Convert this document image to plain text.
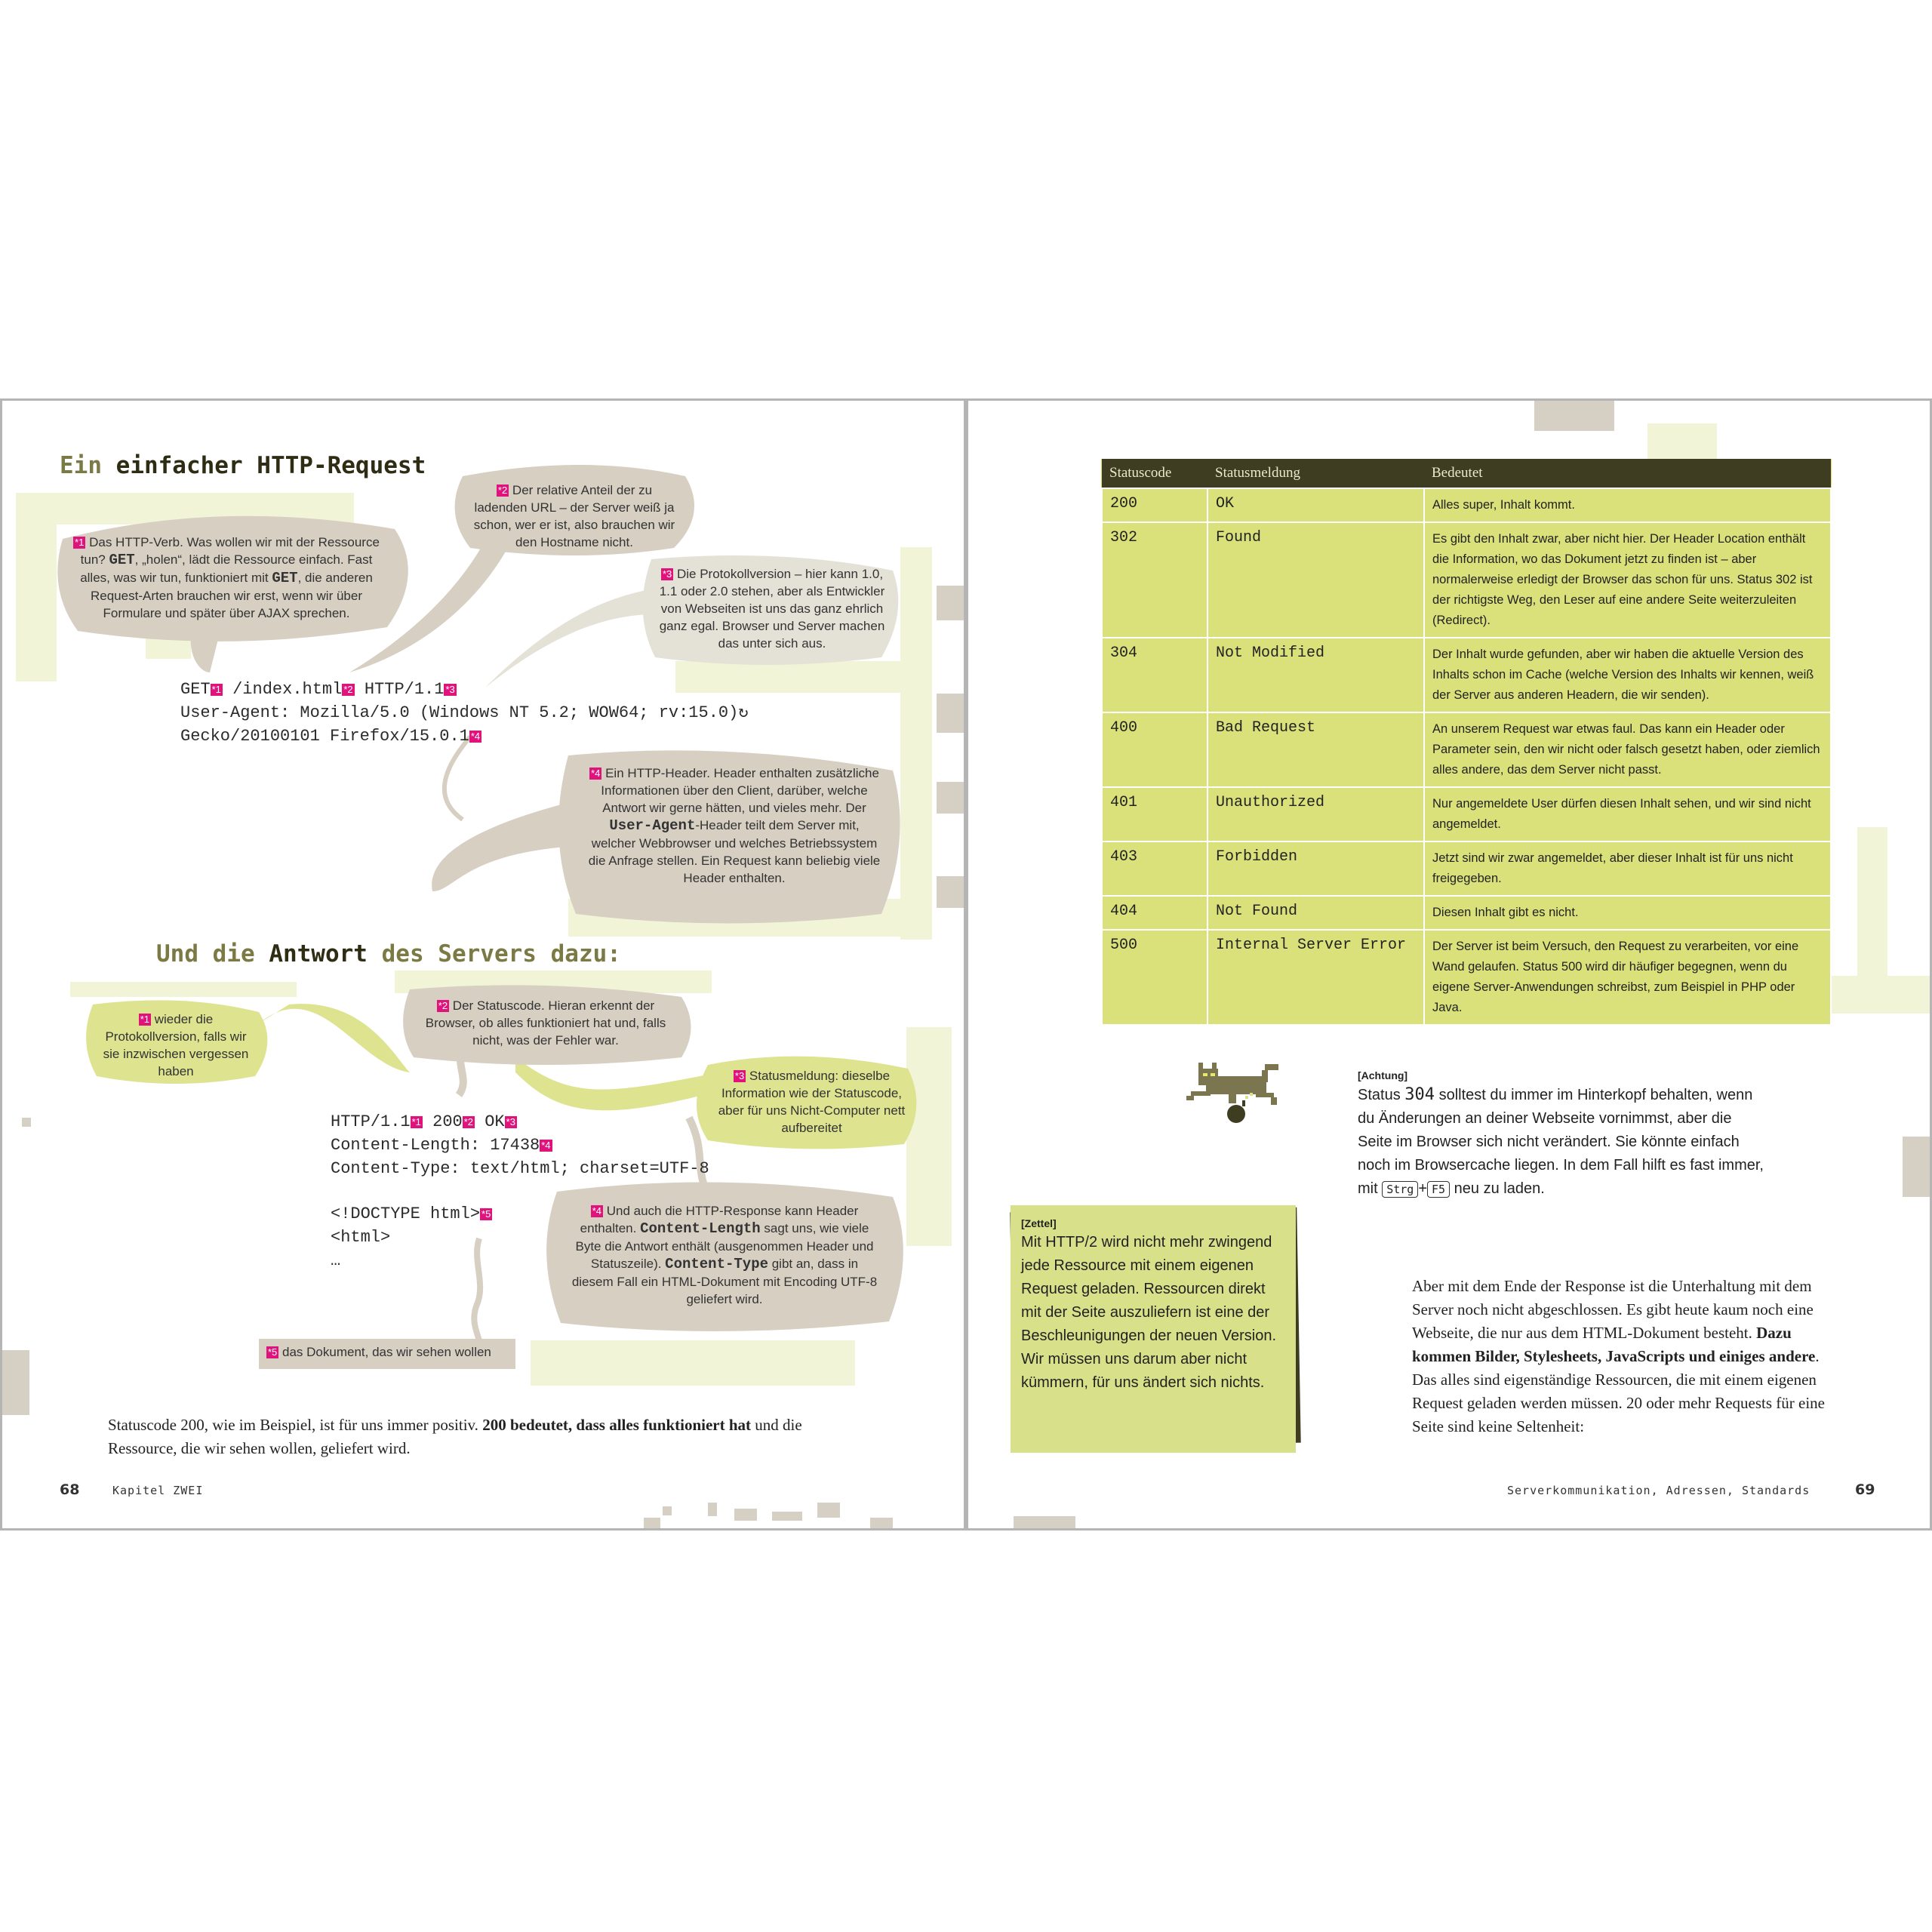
Ein einfacher HTTP-Request
*1 Das HTTP-Verb. Was wollen wir mit der Ressource tun? GET, „holen“, lädt die Ressource einfach. Fast alles, was wir tun, funktioniert mit GET, die anderen Request-Arten brauchen wir erst, wenn wir über Formulare und später über AJAX sprechen.
*2 Der relative Anteil der zu ladenden URL – der Server weiß ja schon, wer er ist, also brauchen wir den Hostname nicht.
*3 Die Protokollversion – hier kann 1.0, 1.1 oder 2.0 stehen, aber als Entwickler von Webseiten ist uns das ganz ehrlich ganz egal. Browser und Server machen das unter sich aus.
*4 Ein HTTP-Header. Header enthalten zusätzliche Informationen über den Client, darüber, welche Antwort wir gerne hätten, und vieles mehr. Der User-Agent-Header teilt dem Server mit, welcher Webbrowser und welches Betriebssystem die Anfrage stellen. Ein Request kann beliebig viele Header enthalten.
GET *1 /index.html *2 HTTP/1.1 *3
User-Agent: Mozilla/5.0 (Windows NT 5.2; WOW64; rv:15.0)↻
Gecko/20100101 Firefox/15.0.1 *4
Und die Antwort des Servers dazu:
*1 wieder die Protokollversion, falls wir sie inzwischen vergessen haben
*2 Der Statuscode. Hieran erkennt der Browser, ob alles funktioniert hat und, falls nicht, was der Fehler war.
*3 Statusmeldung: dieselbe Information wie der Statuscode, aber für uns Nicht-Computer nett aufbereitet
*4 Und auch die HTTP-Response kann Header enthalten. Content-Length sagt uns, wie viele Byte die Antwort enthält (ausgenommen Header und Statuszeile). Content-Type gibt an, dass in diesem Fall ein HTML-Dokument mit Encoding UTF-8 geliefert wird.
*5 das Dokument, das wir sehen wollen
HTTP/1.1 *1 200 *2 OK *3
Content-Length: 17438 *4
Content-Type: text/html; charset=UTF-8
<!DOCTYPE html> *5
<html>
…
Statuscode 200, wie im Beispiel, ist für uns immer positiv. 200 bedeutet, dass alles funktioniert hat und die Ressource, die wir sehen wollen, geliefert wird.
68	Kapitel ZWEI
Statuscode	Statusmeldung	Bedeutet
200	OK	Alles super, Inhalt kommt.
302	Found	Es gibt den Inhalt zwar, aber nicht hier. Der Header Location enthält die Information, wo das Dokument jetzt zu finden ist – aber normalerweise erledigt der Browser das schon für uns. Status 302 ist der richtigste Weg, den Leser auf eine andere Seite weiterzuleiten (Redirect).
304	Not Modified	Der Inhalt wurde gefunden, aber wir haben die aktuelle Version des Inhalts schon im Cache (welche Version des Inhalts wir kennen, weiß der Server aus anderen Headern, die wir senden).
400	Bad Request	An unserem Request war etwas faul. Das kann ein Header oder Parameter sein, den wir nicht oder falsch gesetzt haben, oder ziemlich alles andere, das dem Server nicht passt.
401	Unauthorized	Nur angemeldete User dürfen diesen Inhalt sehen, und wir sind nicht angemeldet.
403	Forbidden	Jetzt sind wir zwar angemeldet, aber dieser Inhalt ist für uns nicht freigegeben.
404	Not Found	Diesen Inhalt gibt es nicht.
500	Internal Server Error	Der Server ist beim Versuch, den Request zu verarbeiten, vor eine Wand gelaufen. Status 500 wird dir häufiger begegnen, wenn du eigene Server-Anwendungen schreibst, zum Beispiel in PHP oder Java.
[Achtung]
Status 304 solltest du immer im Hinterkopf behalten, wenn du Änderungen an deiner Webseite vornimmst, aber die Seite im Browser sich nicht verändert. Sie könnte einfach noch im Browsercache liegen. In dem Fall hilft es fast immer, mit Strg + F5 neu zu laden.
[Zettel]
Mit HTTP/2 wird nicht mehr zwingend jede Ressource mit einem eigenen Request geladen. Ressourcen direkt mit der Seite auszuliefern ist eine der Beschleunigungen der neuen Version. Wir müssen uns darum aber nicht kümmern, für uns ändert sich nichts.
Aber mit dem Ende der Response ist die Unterhaltung mit dem Server noch nicht abgeschlossen. Es gibt heute kaum noch eine Webseite, die nur aus dem HTML-Dokument besteht. Dazu kommen Bilder, Stylesheets, JavaScripts und einiges andere. Das alles sind eigenständige Ressourcen, die mit einem eigenen Request geladen werden müssen. 20 oder mehr Requests für eine Seite sind keine Seltenheit:
Serverkommunikation, Adressen, Standards	69
